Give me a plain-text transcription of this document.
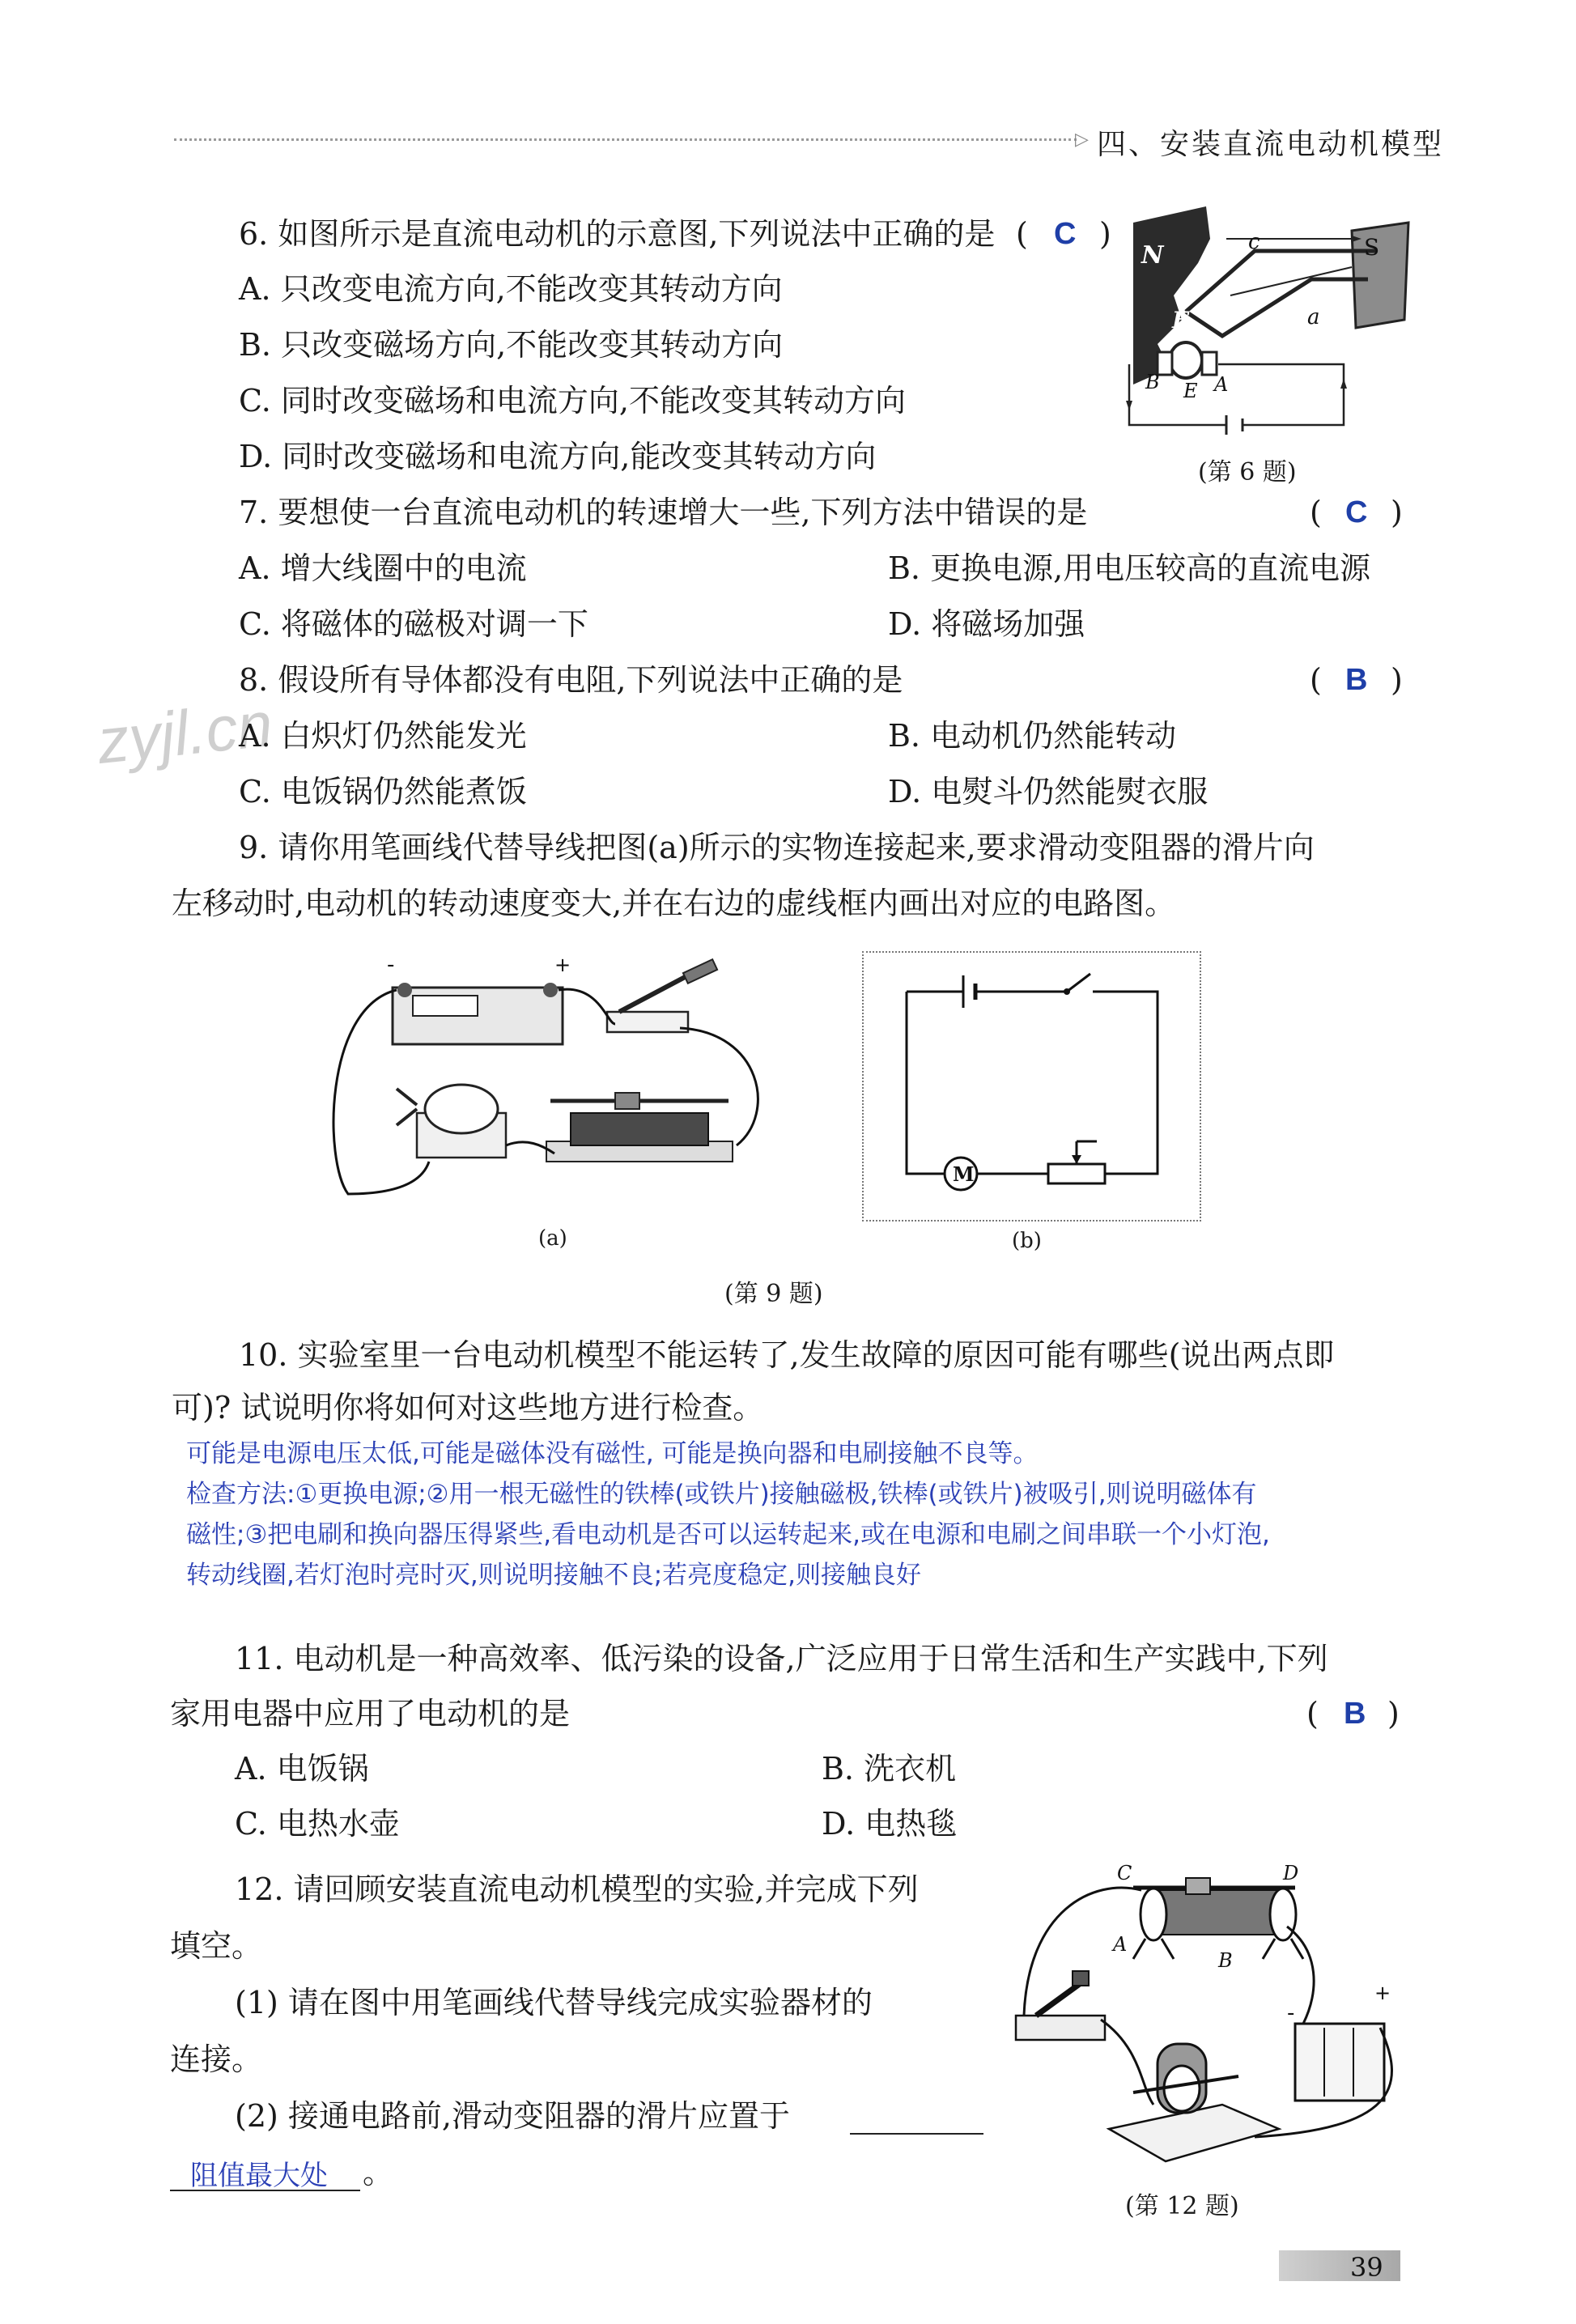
▷ 四、安装直流电动机模型
zyjl.cn
6. 如图所示是直流电动机的示意图,下列说法中正确的是 ( C )
A. 只改变电流方向,不能改变其转动方向
B. 只改变磁场方向,不能改变其转动方向
C. 同时改变磁场和电流方向,不能改变其转动方向
D. 同时改变磁场和电流方向,能改变其转动方向
N	S
c
d
F	a
B E A
(第 6 题)
7. 要想使一台直流电动机的转速增大一些,下列方法中错误的是	( C )
A. 增大线圈中的电流	B. 更换电源,用电压较高的直流电源
C. 将磁体的磁极对调一下	D. 将磁场加强
8. 假设所有导体都没有电阻,下列说法中正确的是	( B )
A. 白炽灯仍然能发光	B. 电动机仍然能转动
C. 电饭锅仍然能煮饭	D. 电熨斗仍然能熨衣服
9. 请你用笔画线代替导线把图(a)所示的实物连接起来,要求滑动变阻器的滑片向
左移动时,电动机的转动速度变大,并在右边的虚线框内画出对应的电路图。
-	+
(a)
M
(b)
(第 9 题)
10. 实验室里一台电动机模型不能运转了,发生故障的原因可能有哪些(说出两点即
可)? 试说明你将如何对这些地方进行检查。
可能是电源电压太低,可能是磁体没有磁性, 可能是换向器和电刷接触不良等。
检查方法:①更换电源;②用一根无磁性的铁棒(或铁片)接触磁极,铁棒(或铁片)被吸引,则说明磁体有
磁性;③把电刷和换向器压得紧些,看电动机是否可以运转起来,或在电源和电刷之间串联一个小灯泡,
转动线圈,若灯泡时亮时灭,则说明接触不良;若亮度稳定,则接触良好
11. 电动机是一种高效率、低污染的设备,广泛应用于日常生活和生产实践中,下列
家用电器中应用了电动机的是	( B )
A. 电饭锅	B. 洗衣机
C. 电热水壶	D. 电热毯
12. 请回顾安装直流电动机模型的实验,并完成下列
填空。
(1) 请在图中用笔画线代替导线完成实验器材的
连接。
(2) 接通电路前,滑动变阻器的滑片应置于
阻值最大处 。
C	D
A
B
-
+
(第 12 题)
39
